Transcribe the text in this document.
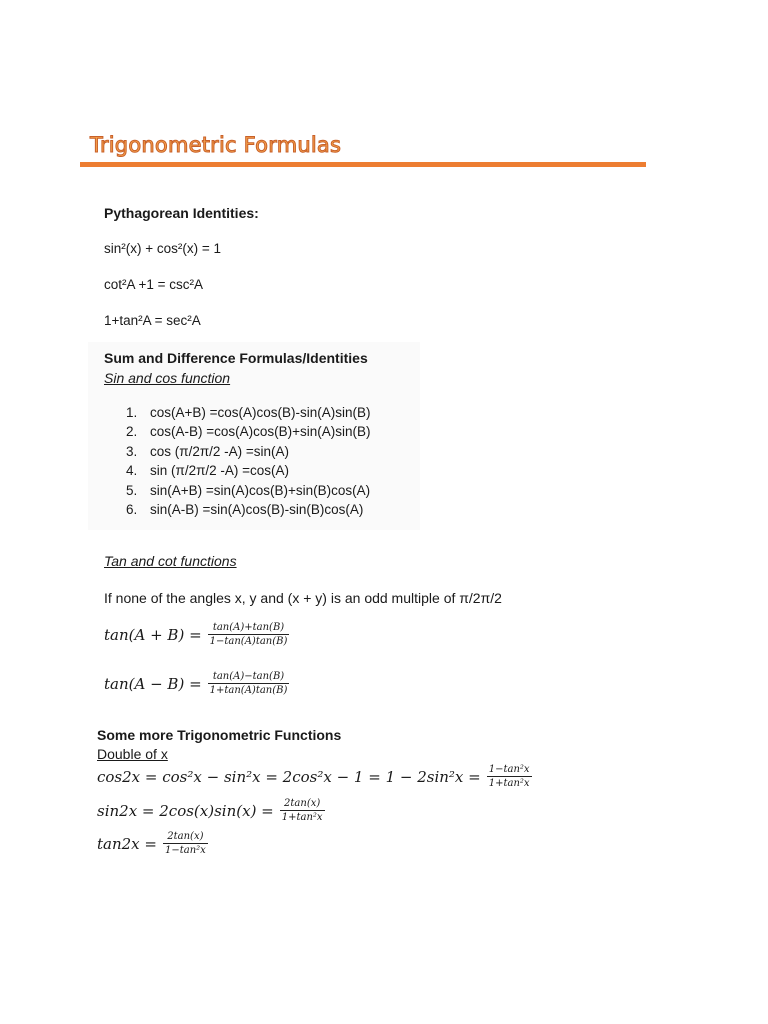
Trigonometric Formulas
Pythagorean Identities:
sin²(x) + cos²(x) = 1
cot²A +1 = csc²A
1+tan²A = sec²A
Sum and Difference Formulas/Identities
Sin and cos function
1. cos(A+B) =cos(A)cos(B)-sin(A)sin(B)
2. cos(A-B) =cos(A)cos(B)+sin(A)sin(B)
3. cos (π/2π/2 -A) =sin(A)
4. sin (π/2π/2 -A) =cos(A)
5. sin(A+B) =sin(A)cos(B)+sin(B)cos(A)
6. sin(A-B) =sin(A)cos(B)-sin(B)cos(A)
Tan and cot functions
If none of the angles x, y and (x + y) is an odd multiple of π/2π/2
$\tan(A + B) = \frac{\tan(A)+\tan(B)}{1-\tan(A)\tan(B)}$
$\tan(A - B) = \frac{\tan(A)-\tan(B)}{1+\tan(A)\tan(B)}$
Some more Trigonometric Functions
Double of x
$\cos 2x = \cos^2x - \sin^2x = 2\cos^2x - 1 = 1 - 2\sin^2x = \frac{\text{1−tan²x}}{\text{1+tan²x}}$
$\sin 2x = 2\cos(x)\sin(x) = \frac{2\tan(x)}{\text{1+tan²x}}$
$\tan 2x = \frac{2\tan(x)}{\text{1−tan²x}}$
